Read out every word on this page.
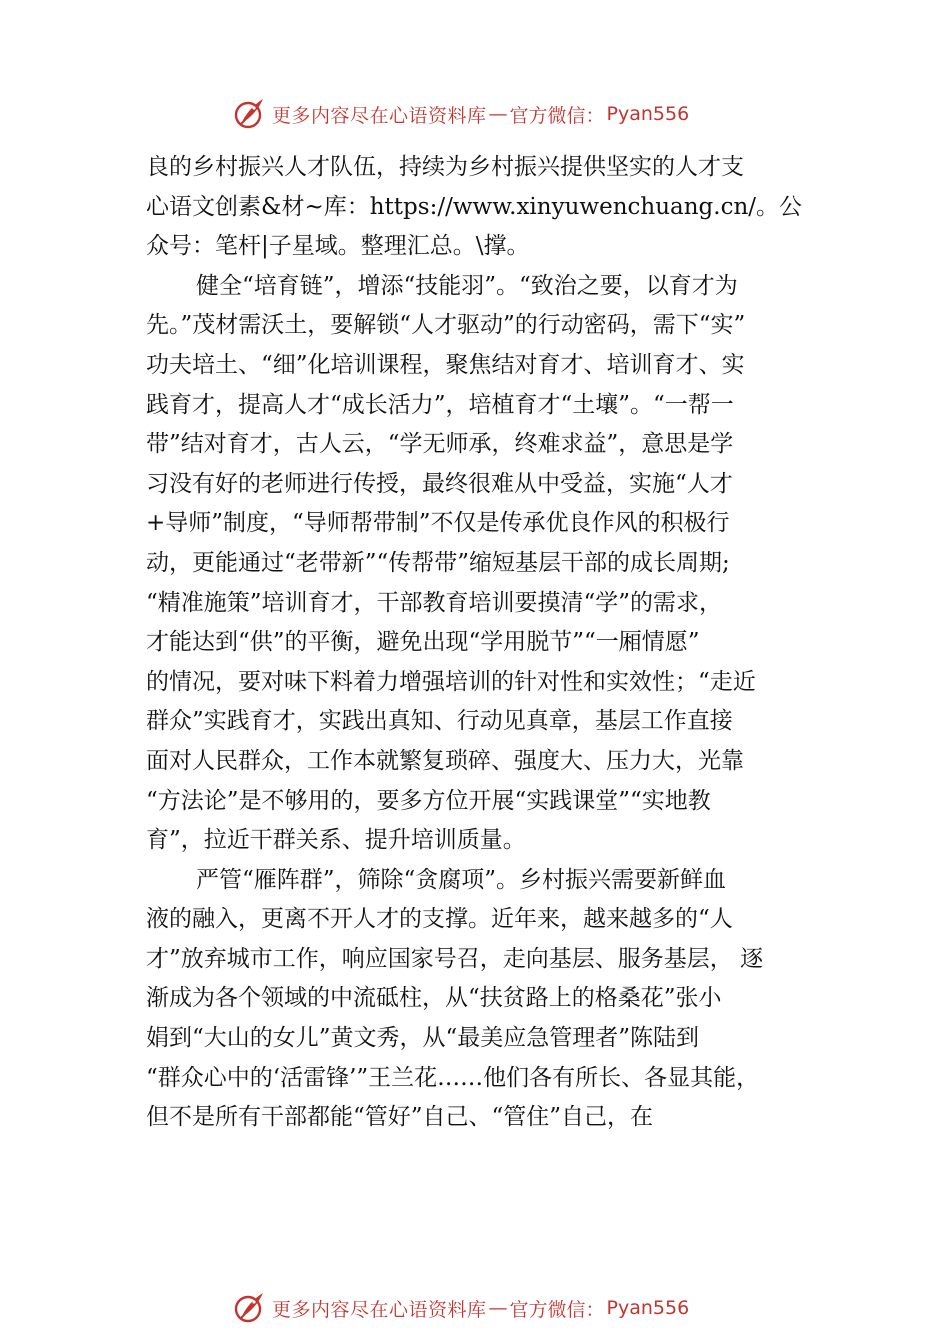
更多内容尽在心语资料库 — 官方微信： Pyan556
良的乡村振兴人才队伍，持续为乡村振兴提供坚实的人才支
心语文创素&材~库：https://www.xinyuwenchuang.cn/。公
众号：笔杆|子星域。整理汇总。\撑。
健全“培育链”，增添“技能羽”。“致治之要，以育才为
先。”茂材需沃土，要解锁“人才驱动”的行动密码，需下“实”
功夫培土、“细”化培训课程，聚焦结对育才、培训育才、实
践育才，提高人才“成长活力”，培植育才“土壤”。“一帮一
带”结对育才，古人云，“学无师承，终难求益”，意思是学
习没有好的老师进行传授，最终很难从中受益，实施“人才
+导师”制度，“导师帮带制”不仅是传承优良作风的积极行
动，更能通过“老带新”“传帮带”缩短基层干部的成长周期;
“精准施策”培训育才，干部教育培训要摸清“学”的需求，
才能达到“供”的平衡，避免出现“学用脱节”“一厢情愿”
的情况，要对味下料着力增强培训的针对性和实效性；“走近
群众”实践育才，实践出真知、行动见真章，基层工作直接
面对人民群众，工作本就繁复琐碎、强度大、压力大，光靠
“方法论”是不够用的，要多方位开展“实践课堂”“实地教
育”，拉近干群关系、提升培训质量。
严管“雁阵群”，筛除“贪腐项”。乡村振兴需要新鲜血
液的融入，更离不开人才的支撑。近年来，越来越多的“人
才”放弃城市工作，响应国家号召，走向基层、服务基层， 逐
渐成为各个领域的中流砥柱，从“扶贫路上的格桑花”张小
娟到“大山的女儿”黄文秀，从“最美应急管理者”陈陆到
“群众心中的‘活雷锋’”王兰花……他们各有所长、各显其能，
但不是所有干部都能“管好”自己、“管住”自己，在
更多内容尽在心语资料库 — 官方微信： Pyan556
